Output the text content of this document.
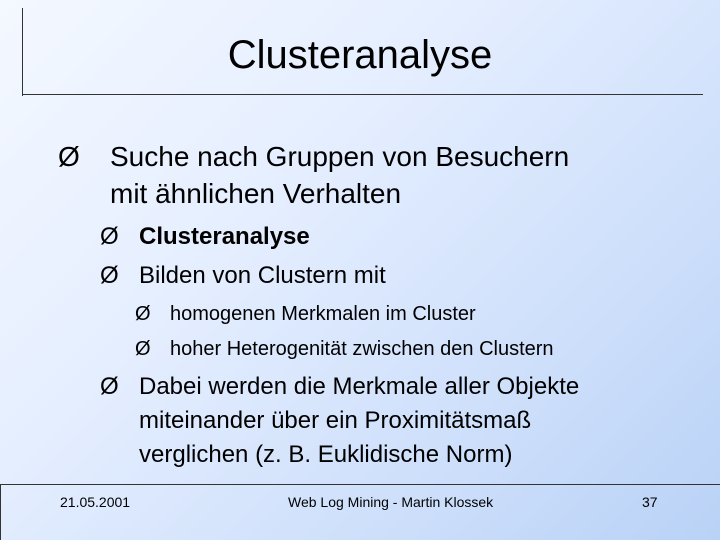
Clusteranalyse
Ø Suche nach Gruppen von Besuchern
mit ähnlichen Verhalten
Ø Clusteranalyse
Ø Bilden von Clustern mit
Ø homogenen Merkmalen im Cluster
Ø hoher Heterogenität zwischen den Clustern
Ø Dabei werden die Merkmale aller Objekte
miteinander über ein Proximitätsmaß
verglichen (z. B. Euklidische Norm)
21.05.2001	Web Log Mining - Martin Klossek	37
